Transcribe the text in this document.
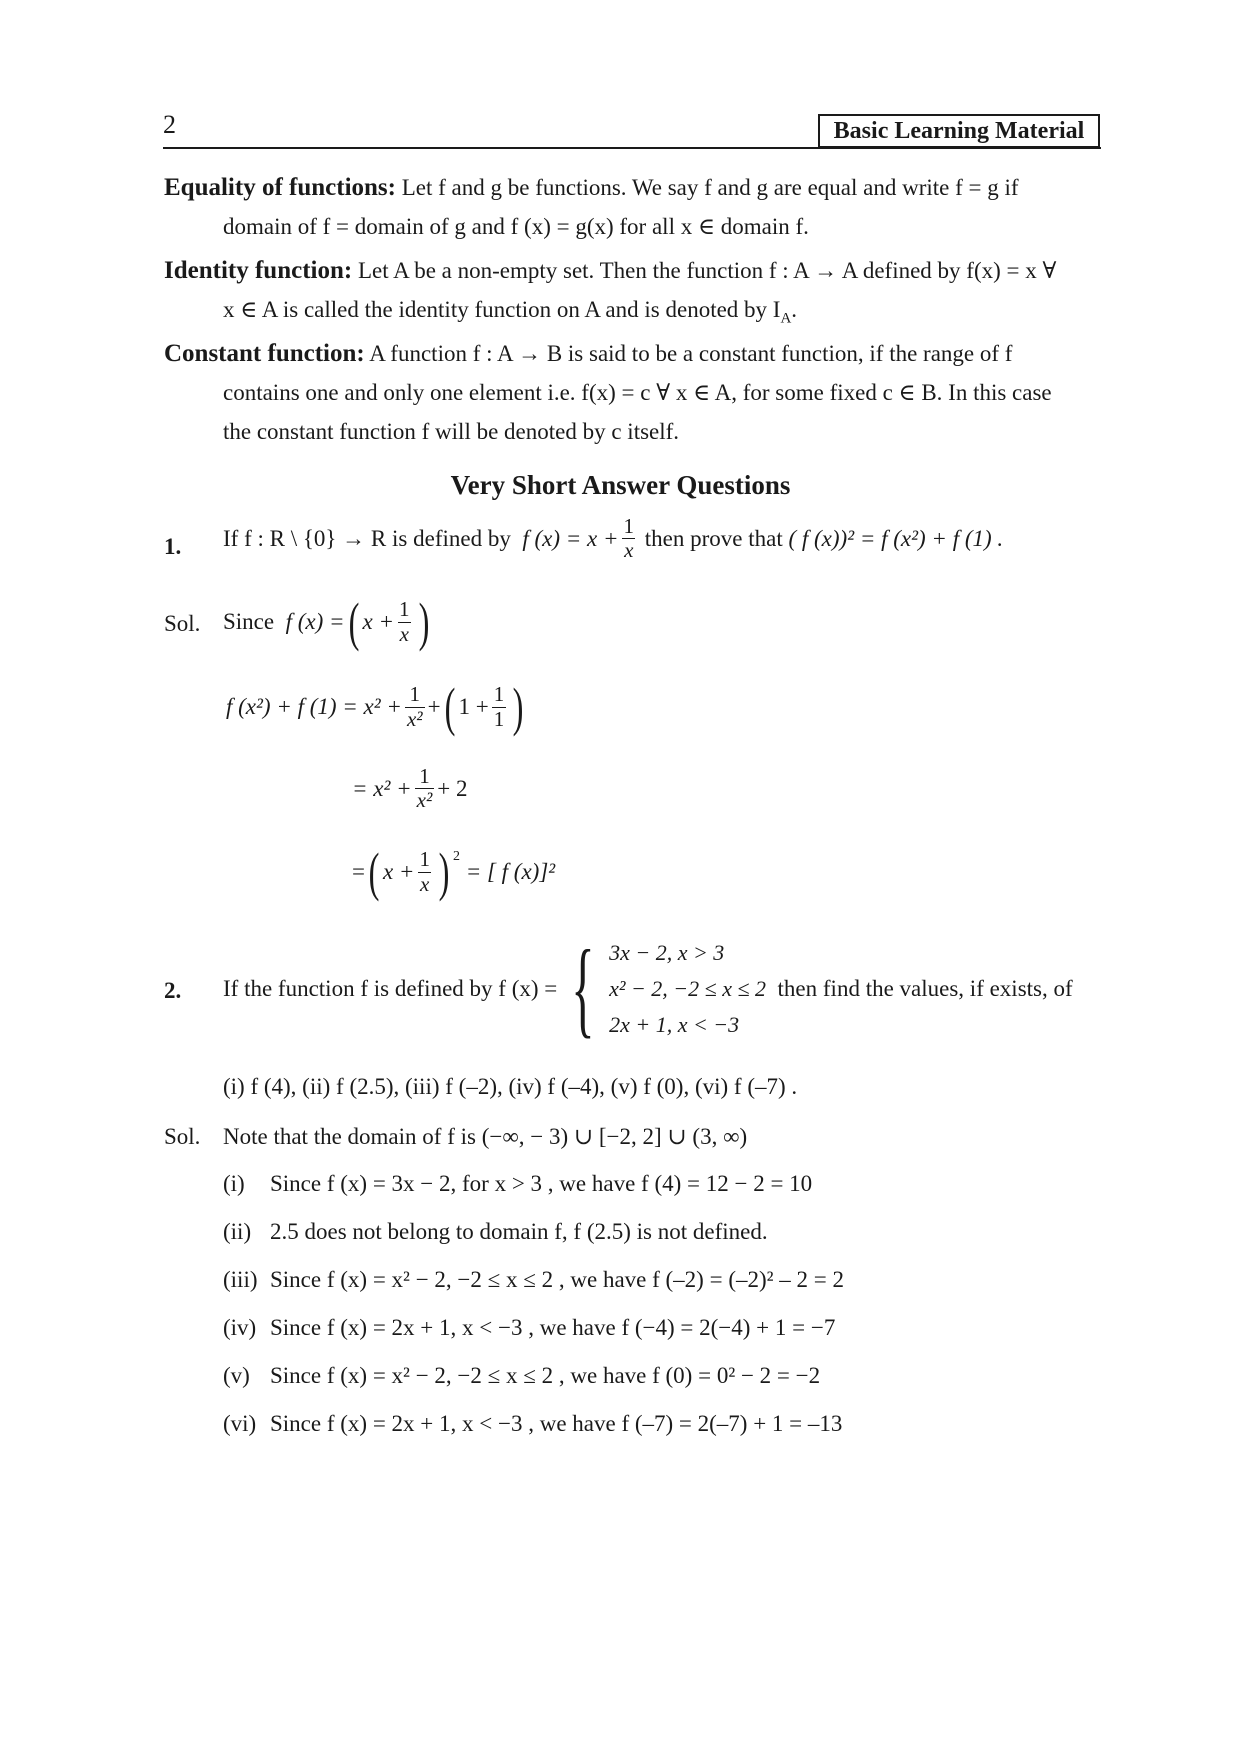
2	Basic Learning Material
Equality of functions: Let f and g be functions. We say f and g are equal and write f = g if
domain of f = domain of g and f (x) = g(x) for all x ∈ domain f.
Identity function: Let A be a non-empty set. Then the function f : A → A defined by f(x) = x ∀
x ∈ A is called the identity function on A and is denoted by $I_A$.
Constant function: A function f : A → B is said to be a constant function, if the range of f
contains one and only one element i.e. f(x) = c ∀ x ∈ A, for some fixed c ∈ B. In this case
the constant function f will be denoted by c itself.
Very Short Answer Questions
1. If f : R \ {0} → R is defined by
f $(x) = x + \frac{1}{x}$
then prove that
( f (x))² = f (x²) + f (1) .
Sol. Since
f (x) = ( $x + \frac{1}{x}$ )
f (x²) + f $(1) = x^2 + \frac{1}{\text{x²}}$ + ( $1 + \frac{1}{1}$ )
= $x^2 + \frac{1}{\text{x²}} + 2$
= ( $x + \frac{1}{x}$ ) $^2$

= [ f (x)]²
2. If the function f is defined by f (x) = { 3x − 2, x > 3
x² − 2, −2 ≤ x ≤ 2
2x + 1, x < −3

then find the values, if exists, of
(i) f (4), (ii) f (2.5), (iii) f (–2), (iv) f (–4), (v) f (0), (vi) f (–7) .
Sol. Note that the domain of f is (−∞, − 3) ∪ [−2, 2] ∪ (3, ∞)
(i)	Since f (x) = 3x − 2, for x > 3 , we have f (4) = 12 − 2 = 10
(ii) 2.5 does not belong to domain f, f (2.5) is not defined.
(iii) Since f (x) = x² − 2, −2 ≤ x ≤ 2 , we have f (–2) = (–2)² – 2 = 2
(iv) Since f (x) = 2x + 1, x < −3 , we have f (−4) = 2(−4) + 1 = −7
(v) Since f (x) = x² − 2, −2 ≤ x ≤ 2 , we have f (0) = 0² − 2 = −2
(vi) Since f (x) = 2x + 1, x < −3 , we have f (–7) = 2(–7) + 1 = –13
